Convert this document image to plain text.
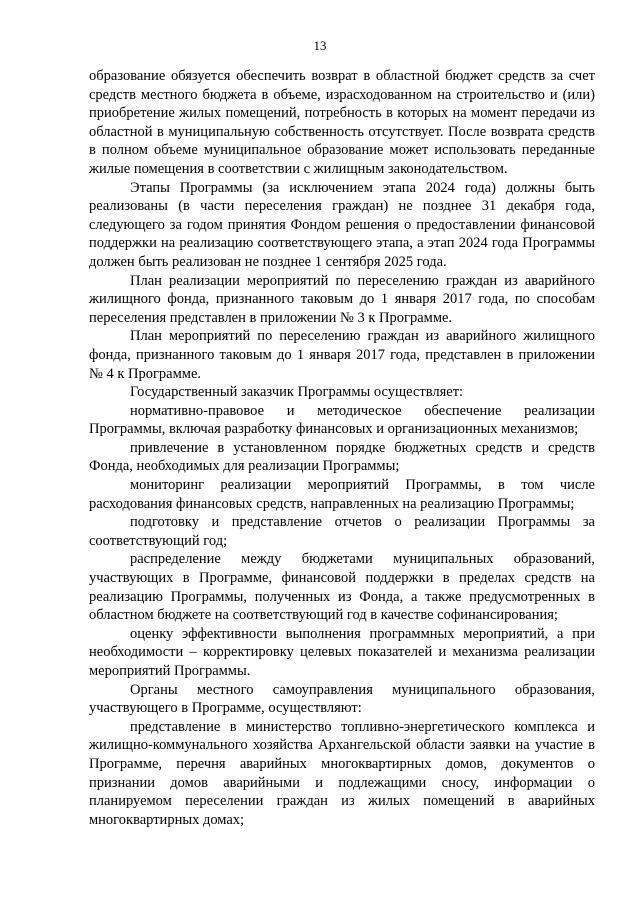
13

образование обязуется обеспечить возврат в областной бюджет средств за счет средств местного бюджета в объеме, израсходованном на строительство и (или) приобретение жилых помещений, потребность в которых на момент передачи из областной в муниципальную собственность отсутствует. После возврата средств в полном объеме муниципальное образование может использовать переданные жилые помещения в соответствии с жилищным законодательством.

Этапы Программы (за исключением этапа 2024 года) должны быть реализованы (в части переселения граждан) не позднее 31 декабря года, следующего за годом принятия Фондом решения о предоставлении финансовой поддержки на реализацию соответствующего этапа, а этап 2024 года Программы должен быть реализован не позднее 1 сентября 2025 года.

План реализации мероприятий по переселению граждан из аварийного жилищного фонда, признанного таковым до 1 января 2017 года, по способам переселения представлен в приложении № 3 к Программе.

План мероприятий по переселению граждан из аварийного жилищного фонда, признанного таковым до 1 января 2017 года, представлен в приложении № 4 к Программе.

Государственный заказчик Программы осуществляет:

нормативно-правовое и методическое обеспечение реализации Программы, включая разработку финансовых и организационных механизмов;

привлечение в установленном порядке бюджетных средств и средств Фонда, необходимых для реализации Программы;

мониторинг реализации мероприятий Программы, в том числе расходования финансовых средств, направленных на реализацию Программы;

подготовку и представление отчетов о реализации Программы за соответствующий год;

распределение между бюджетами муниципальных образований, участвующих в Программе, финансовой поддержки в пределах средств на реализацию Программы, полученных из Фонда, а также предусмотренных в областном бюджете на соответствующий год в качестве софинансирования;

оценку эффективности выполнения программных мероприятий, а при необходимости – корректировку целевых показателей и механизма реализации мероприятий Программы.

Органы местного самоуправления муниципального образования, участвующего в Программе, осуществляют:

представление в министерство топливно-энергетического комплекса и жилищно-коммунального хозяйства Архангельской области заявки на участие в Программе, перечня аварийных многоквартирных домов, документов о признании домов аварийными и подлежащими сносу, информации о планируемом переселении граждан из жилых помещений в аварийных многоквартирных домах;
